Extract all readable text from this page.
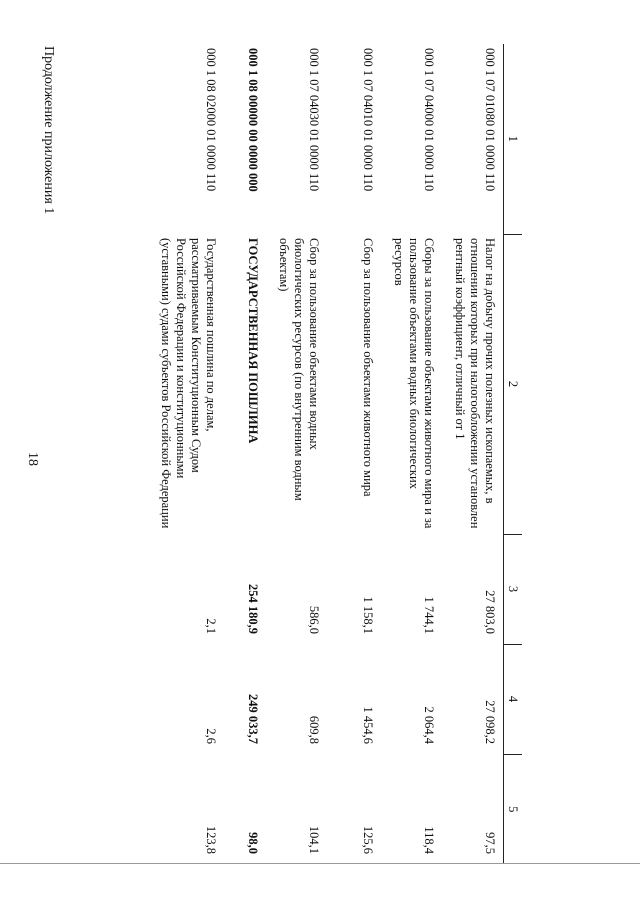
18
Продолжение приложения 1	1	2	3	4	5
000 1 07 01080 01 0000 110	Налог на добычу прочих полезных ископаемых, в отношении которых при налогообложении установлен рентный коэффициент, отличный от 1	27 803,0	27 098,2	97,5
000 1 07 04000 01 0000 110	Сборы за пользование объектами животного мира и за пользование объектами водных биологических ресурсов	1 744,1	2 064,4	118,4
000 1 07 04010 01 0000 110	Сбор за пользование объектами животного мира	1 158,1	1 454,6	125,6
000 1 07 04030 01 0000 110	Сбор за пользование объектами водных биологических ресурсов (по внутренним водным объектам)	586,0	609,8	104,1
000 1 08 00000 00 0000 000	ГОСУДАРСТВЕННАЯ ПОШЛИНА	254 180,9	249 033,7	98,0
000 1 08 02000 01 0000 110	Государственная пошлина по делам, рассматриваемым Конституционным Судом Российской Федерации и конституционными (уставными) судами субъектов Российской Федерации	2,1	2,6	123,8
